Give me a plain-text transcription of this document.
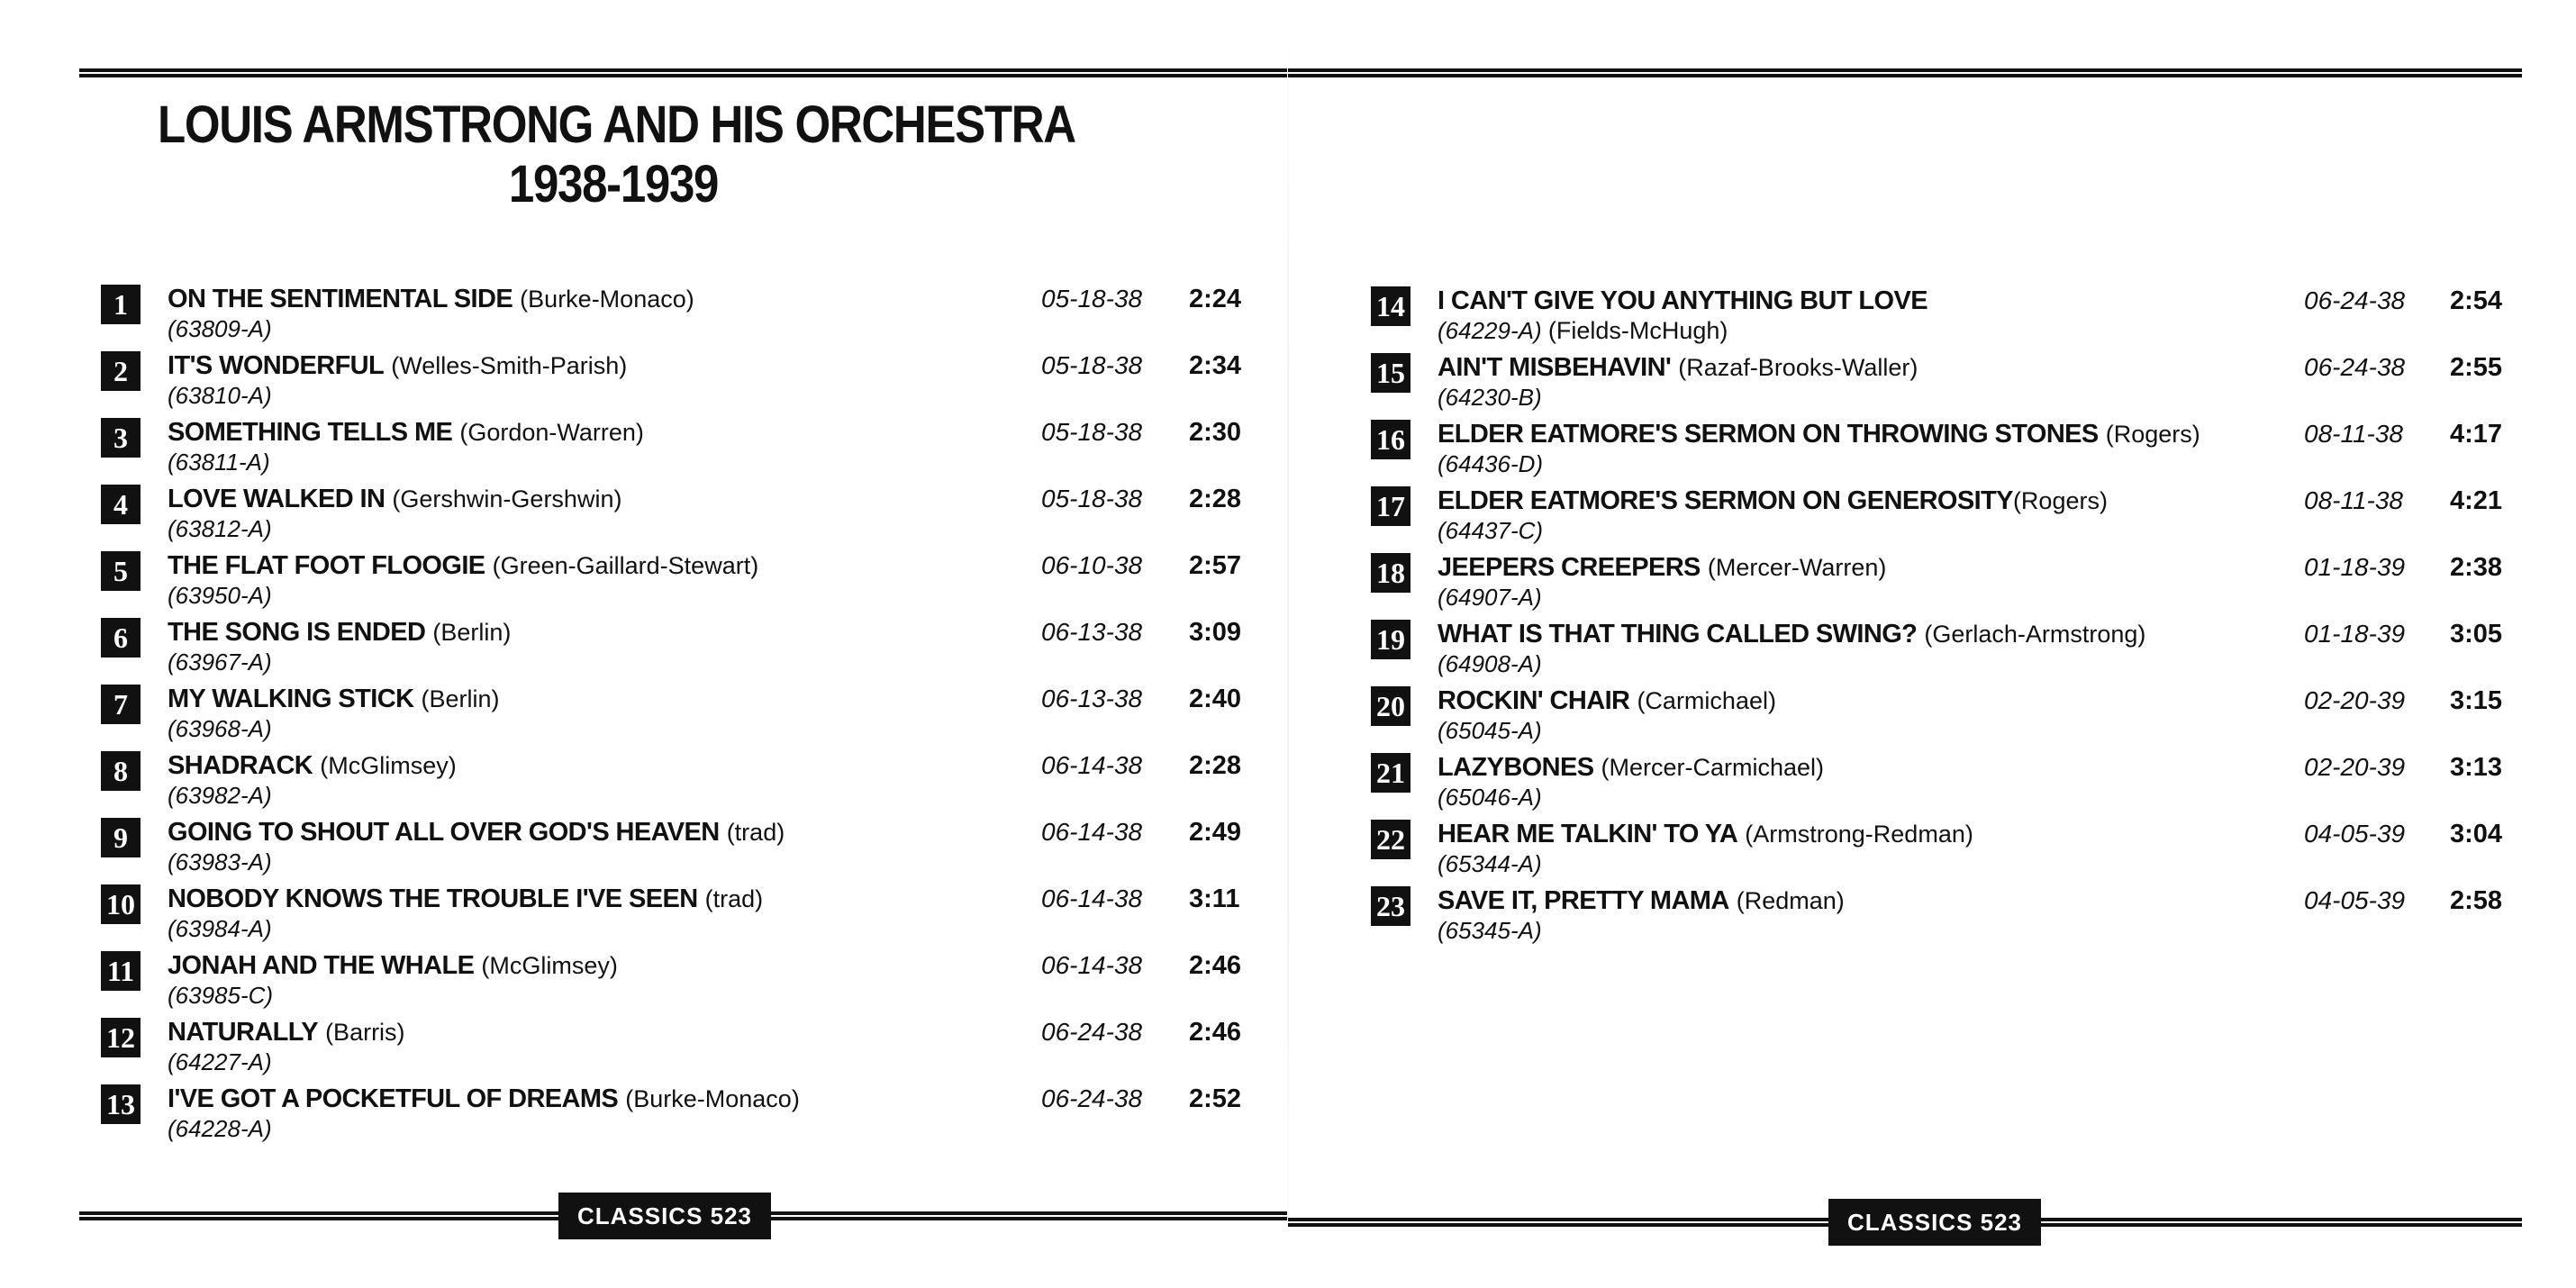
LOUIS ARMSTRONG AND HIS ORCHESTRA
1938-1939
1	ON THE SENTIMENTAL SIDE (Burke-Monaco)
(63809-A)
05-18-38 2:24
2	IT'S WONDERFUL (Welles-Smith-Parish)
(63810-A)
05-18-38 2:34
3	SOMETHING TELLS ME (Gordon-Warren)
(63811-A)
05-18-38 2:30
4	LOVE WALKED IN (Gershwin-Gershwin)
(63812-A)
05-18-38 2:28
5	THE FLAT FOOT FLOOGIE (Green-Gaillard-Stewart)
(63950-A)
06-10-38 2:57
6	THE SONG IS ENDED (Berlin)
(63967-A)
06-13-38 3:09
7	MY WALKING STICK (Berlin)
(63968-A)
06-13-38 2:40
8	SHADRACK (McGlimsey)
(63982-A)
06-14-38 2:28
9	GOING TO SHOUT ALL OVER GOD'S HEAVEN (trad)
(63983-A)
06-14-38 2:49
10 NOBODY KNOWS THE TROUBLE I'VE SEEN (trad)
(63984-A)
06-14-38 3:11
11 JONAH AND THE WHALE (McGlimsey)
(63985-C)
06-14-38 2:46
12 NATURALLY (Barris)
(64227-A)
06-24-38 2:46
13 I'VE GOT A POCKETFUL OF DREAMS (Burke-Monaco)
(64228-A)
06-24-38 2:52
CLASSICS 523
14 I CAN'T GIVE YOU ANYTHING BUT LOVE
(64229-A) (Fields-McHugh)
06-24-38 2:54
15 AIN'T MISBEHAVIN' (Razaf-Brooks-Waller)
(64230-B)
06-24-38 2:55
16 ELDER EATMORE'S SERMON ON THROWING STONES (Rogers)
(64436-D)
08-11-38 4:17
17 ELDER EATMORE'S SERMON ON GENEROSITY(Rogers)
(64437-C)
08-11-38 4:21
18 JEEPERS CREEPERS (Mercer-Warren)
(64907-A)
01-18-39 2:38
19 WHAT IS THAT THING CALLED SWING? (Gerlach-Armstrong)
(64908-A)
01-18-39 3:05
20 ROCKIN' CHAIR (Carmichael)
(65045-A)
02-20-39 3:15
21 LAZYBONES (Mercer-Carmichael)
(65046-A)
02-20-39 3:13
22 HEAR ME TALKIN' TO YA (Armstrong-Redman)
(65344-A)
04-05-39 3:04
23 SAVE IT, PRETTY MAMA (Redman)
(65345-A)
04-05-39 2:58
CLASSICS 523
